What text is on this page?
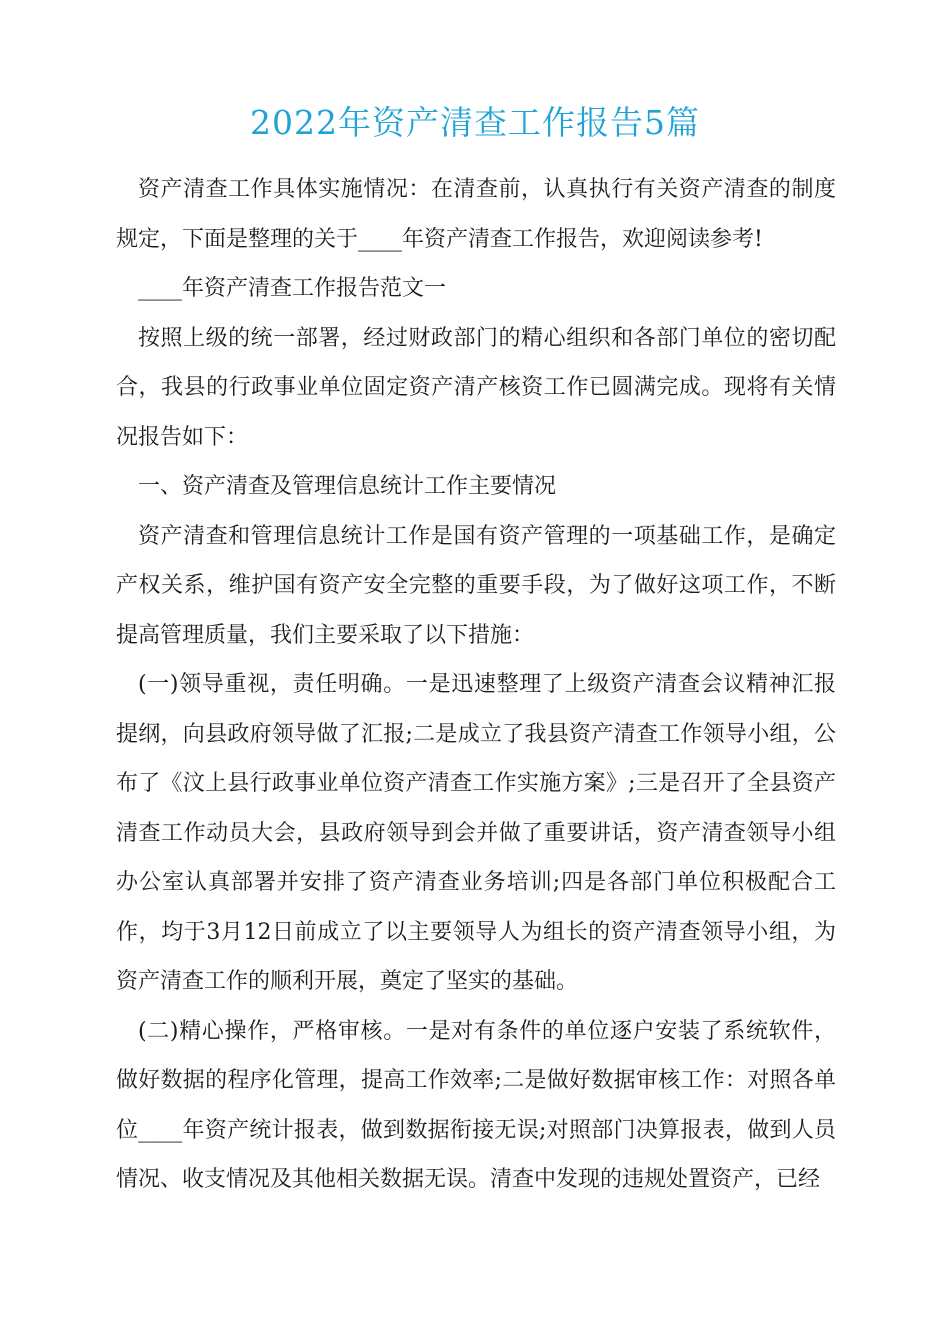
2022年资产清查工作报告5篇

资产清查工作具体实施情况：在清查前，认真执行有关资产清查的制度规定，下面是整理的关于____年资产清查工作报告，欢迎阅读参考!

____年资产清查工作报告范文一

按照上级的统一部署，经过财政部门的精心组织和各部门单位的密切配合，我县的行政事业单位固定资产清产核资工作已圆满完成。现将有关情况报告如下：

一、资产清查及管理信息统计工作主要情况

资产清查和管理信息统计工作是国有资产管理的一项基础工作，是确定产权关系，维护国有资产安全完整的重要手段，为了做好这项工作，不断提高管理质量，我们主要采取了以下措施：

(一)领导重视，责任明确。一是迅速整理了上级资产清查会议精神汇报提纲，向县政府领导做了汇报;二是成立了我县资产清查工作领导小组，公布了《汶上县行政事业单位资产清查工作实施方案》;三是召开了全县资产清查工作动员大会，县政府领导到会并做了重要讲话，资产清查领导小组办公室认真部署并安排了资产清查业务培训;四是各部门单位积极配合工作，均于3月12日前成立了以主要领导人为组长的资产清查领导小组，为资产清查工作的顺利开展，奠定了坚实的基础。

(二)精心操作，严格审核。一是对有条件的单位逐户安装了系统软件，做好数据的程序化管理，提高工作效率;二是做好数据审核工作：对照各单位____年资产统计报表，做到数据衔接无误;对照部门决算报表，做到人员情况、收支情况及其他相关数据无误。清查中发现的违规处置资产，已经
